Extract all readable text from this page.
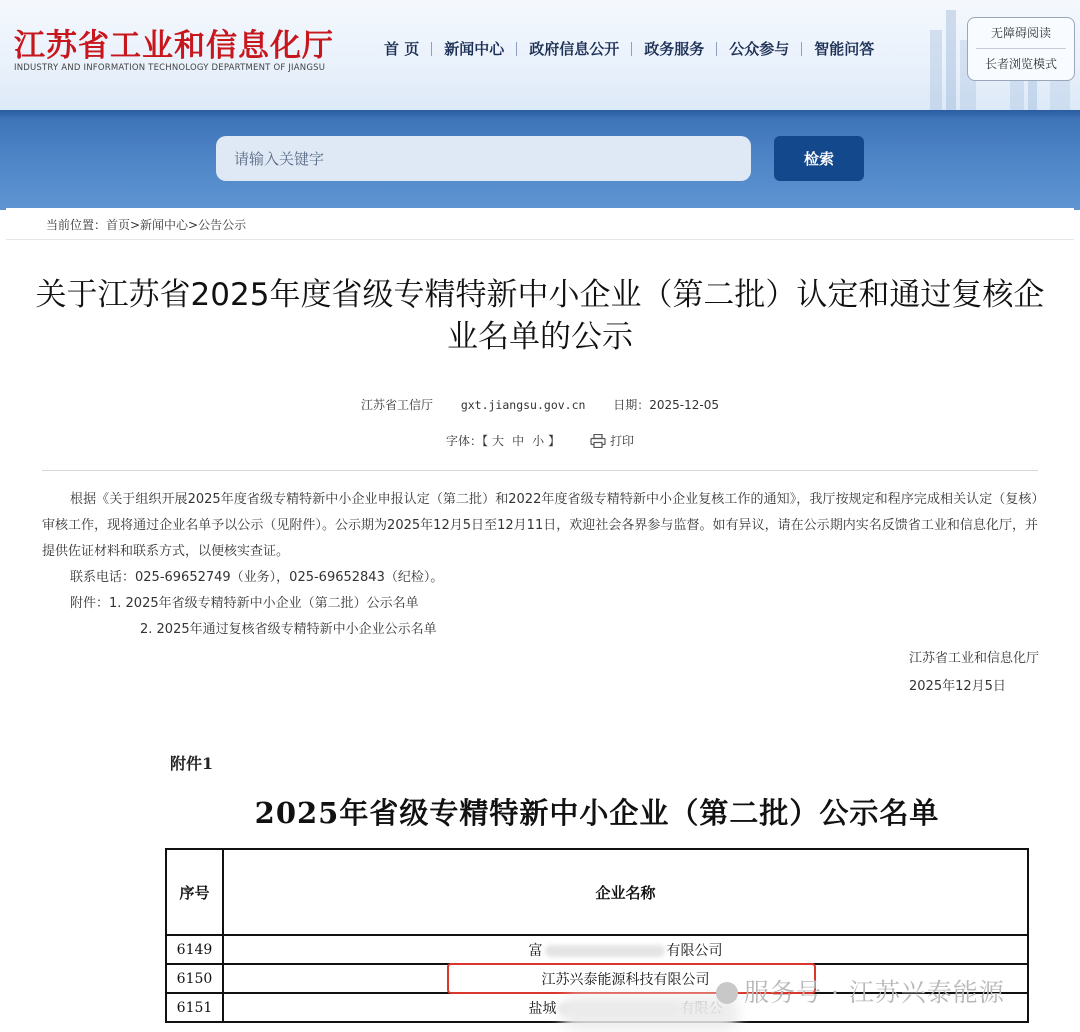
江苏省工业和信息化厅
INDUSTRY AND INFORMATION TECHNOLOGY DEPARTMENT OF JIANGSU
首 页	新闻中心	政府信息公开	政务服务	公众参与	智能问答
无障碍阅读
长者浏览模式
请输入关键字
检索
当前位置：首页>新闻中心>公告公示
关于江苏省2025年度省级专精特新中小企业（第二批）认定和通过复核企业名单的公示
江苏省工信厅 gxt.jiangsu.gov.cn 日期：2025-12-05
字体：【 大 中 小 】	打印

根据《关于组织开展2025年度省级专精特新中小企业申报认定（第二批）和2022年度省级专精特新中小企业复核工作的通知》，我厅按规定和程序完成相关认定（复核）审核工作，现将通过企业名单予以公示（见附件）。公示期为2025年12月5日至12月11日，欢迎社会各界参与监督。如有异议，请在公示期内实名反馈省工业和信息化厅，并提供佐证材料和联系方式，以便核实查证。

联系电话：025-69652749（业务），025-69652843（纪检）。

附件：1. 2025年省级专精特新中小企业（第二批）公示名单

2. 2025年通过复核省级专精特新中小企业公示名单

江苏省工业和信息化厅
2025年12月5日
附件1
2025年省级专精特新中小企业（第二批）公示名单
序号	企业名称
6149	富 有限公司
6150	江苏兴泰能源科技有限公司
6151	盐城
服务号 · 江苏兴泰能源
